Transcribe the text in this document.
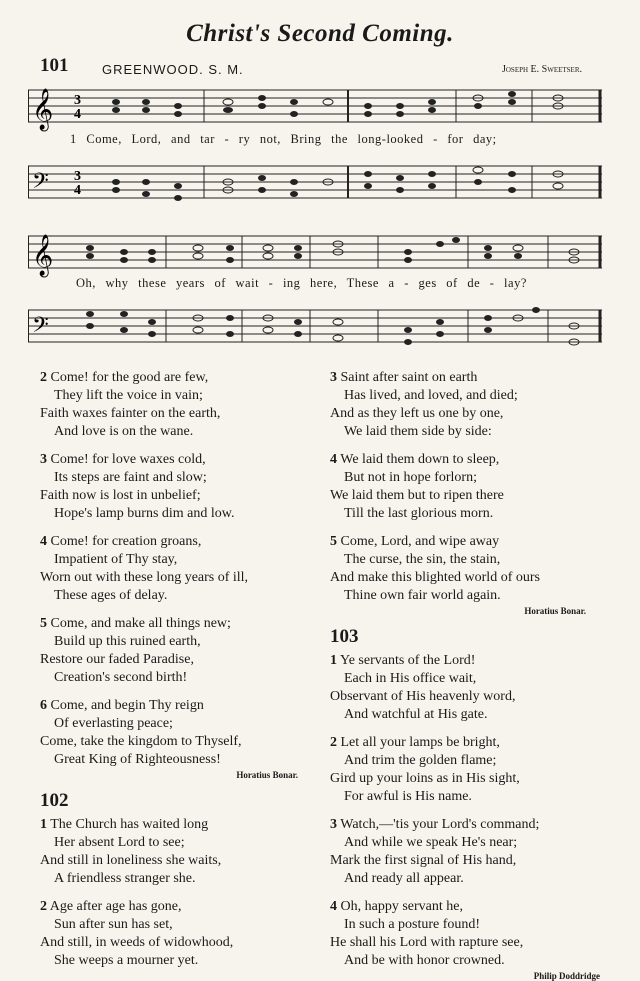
Christ's Second Coming.
101	GREENWOOD. S. M.	Joseph E. Sweetser.
𝄞 3
4
1 Come, Lord, and tar - ry not, Bring the long-looked - for day;
𝄢 3
4
𝄞
Oh, why these years of wait - ing here, These a - ges of de - lay?
𝄢
2 Come! for the good are few,
They lift the voice in vain;
Faith waxes fainter on the earth,
And love is on the wane.
3 Come! for love waxes cold,
Its steps are faint and slow;
Faith now is lost in unbelief;
Hope's lamp burns dim and low.
4 Come! for creation groans,
Impatient of Thy stay,
Worn out with these long years of ill,
These ages of delay.
5 Come, and make all things new;
Build up this ruined earth,
Restore our faded Paradise,
Creation's second birth!
6 Come, and begin Thy reign
Of everlasting peace;
Come, take the kingdom to Thyself,
Great King of Righteousness!
Horatius Bonar.
102
1 The Church has waited long
Her absent Lord to see;
And still in loneliness she waits,
A friendless stranger she.
2 Age after age has gone,
Sun after sun has set,
And still, in weeds of widowhood,
She weeps a mourner yet.
3 Saint after saint on earth
Has lived, and loved, and died;
And as they left us one by one,
We laid them side by side:
4 We laid them down to sleep,
But not in hope forlorn;
We laid them but to ripen there
Till the last glorious morn.
5 Come, Lord, and wipe away
The curse, the sin, the stain,
And make this blighted world of ours
Thine own fair world again.
Horatius Bonar.
103
1 Ye servants of the Lord!
Each in His office wait,
Observant of His heavenly word,
And watchful at His gate.
2 Let all your lamps be bright,
And trim the golden flame;
Gird up your loins as in His sight,
For awful is His name.
3 Watch,—'tis your Lord's command;
And while we speak He's near;
Mark the first signal of His hand,
And ready all appear.
4 Oh, happy servant he,
In such a posture found!
He shall his Lord with rapture see,
And be with honor crowned.
Philip Doddridge
